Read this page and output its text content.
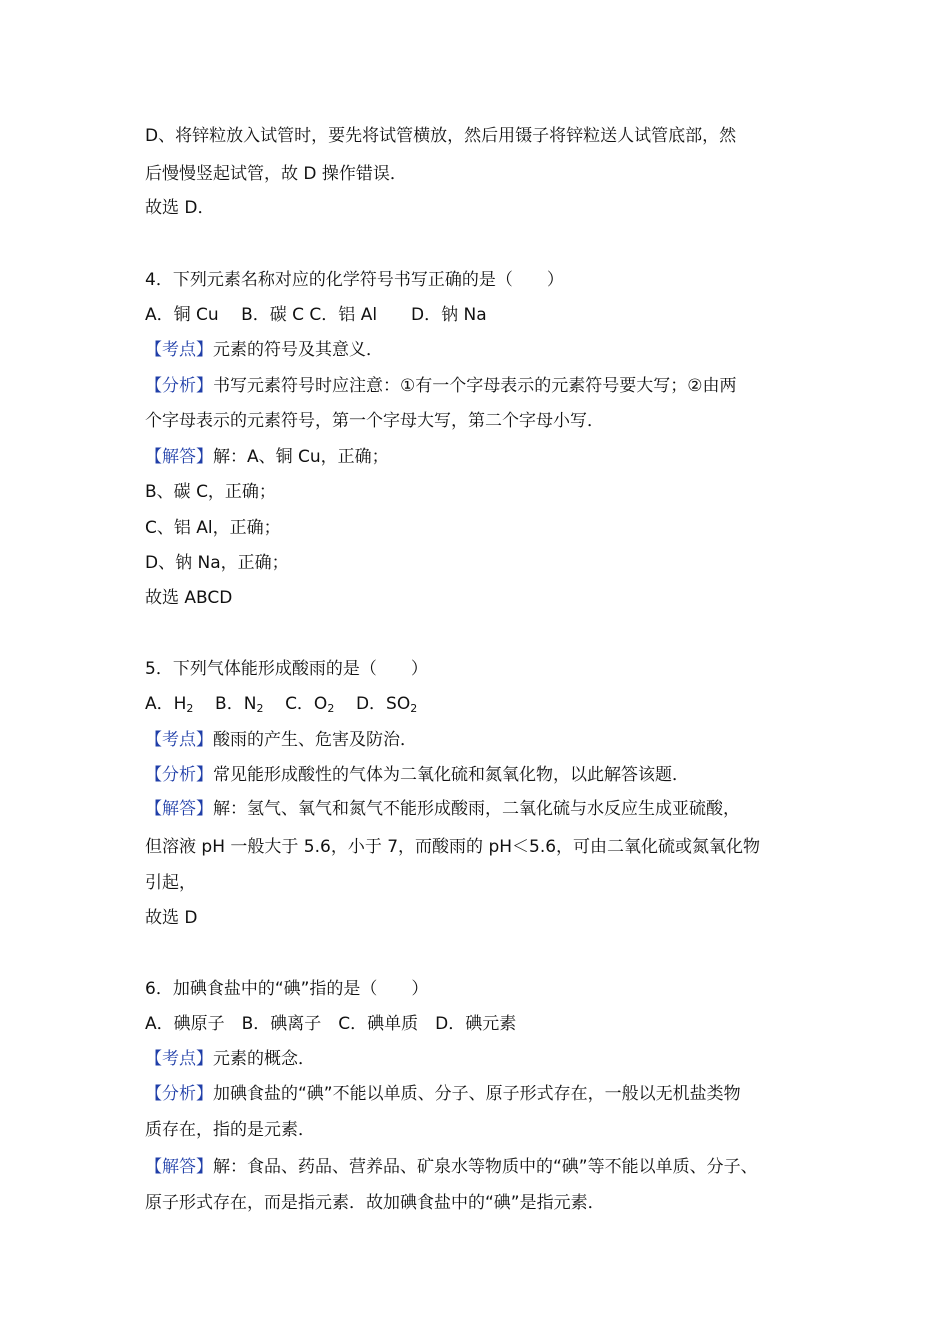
D、将锌粒放入试管时，要先将试管横放，然后用镊子将锌粒送人试管底部，然
后慢慢竖起试管，故 D 操作错误．
故选 D．
4．下列元素名称对应的化学符号书写正确的是（　　）
A．铜 Cu　 B．碳 C C．铝 Al　　D．钠 Na
【考点】元素的符号及其意义．
【分析】书写元素符号时应注意：①有一个字母表示的元素符号要大写；②由两
个字母表示的元素符号，第一个字母大写，第二个字母小写．
【解答】解：A、铜 Cu，正确；
B、碳 C，正确；
C、铝 Al，正确；
D、钠 Na，正确；
故选 ABCD
5．下列气体能形成酸雨的是（　　）
A．$H_2$ B．$N_2$ C．$O_2$ D．$SO_2$
【考点】酸雨的产生、危害及防治．
【分析】常见能形成酸性的气体为二氧化硫和氮氧化物，以此解答该题．
【解答】解：氢气、氧气和氮气不能形成酸雨，二氧化硫与水反应生成亚硫酸，
但溶液 pH 一般大于 5.6，小于 7，而酸雨的 pH＜5.6，可由二氧化硫或氮氧化物
引起，
故选 D
6．加碘食盐中的“碘”指的是（　　）
A．碘原子　B．碘离子　C．碘单质　D．碘元素
【考点】元素的概念．
【分析】加碘食盐的“碘”不能以单质、分子、原子形式存在，一般以无机盐类物
质存在，指的是元素．
【解答】解：食品、药品、营养品、矿泉水等物质中的“碘”等不能以单质、分子、
原子形式存在，而是指元素．故加碘食盐中的“碘”是指元素．
